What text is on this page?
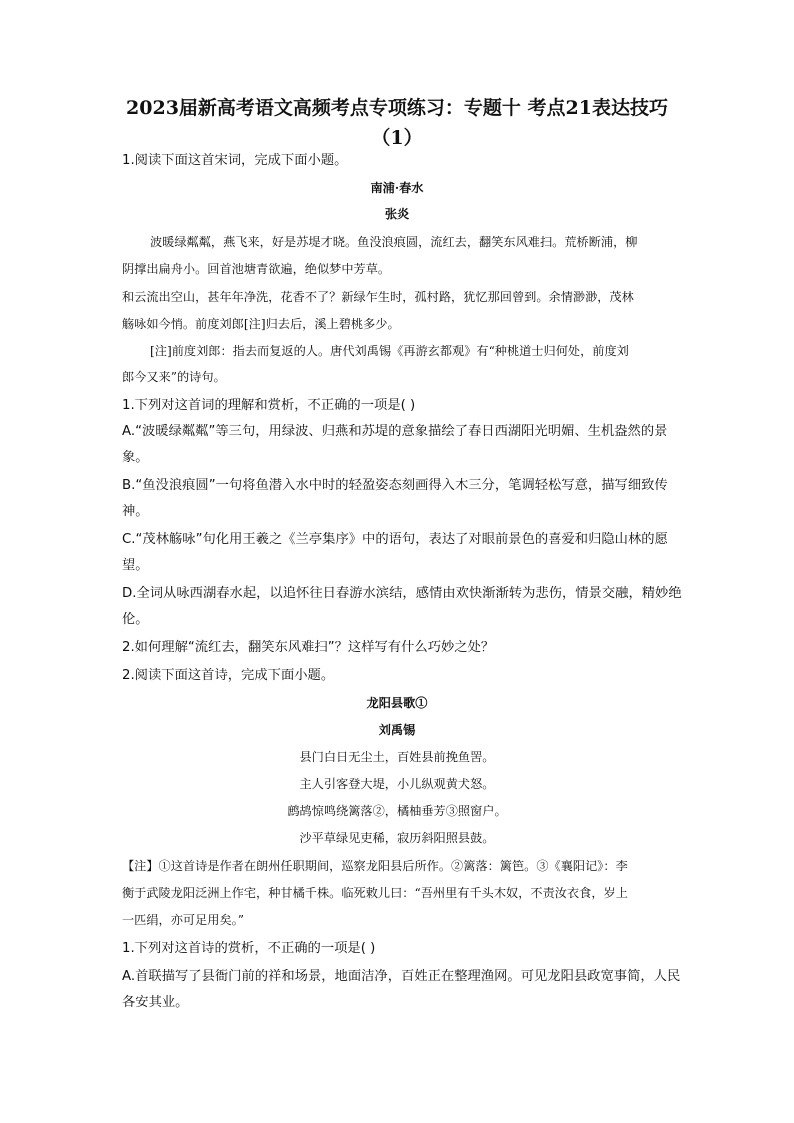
2023届新高考语文高频考点专项练习：专题十 考点21表达技巧
（1）
1.阅读下面这首宋词，完成下面小题。
南浦·春水
张炎
波暖绿粼粼，燕飞来，好是苏堤才晓。鱼没浪痕圆，流红去，翻笑东风难扫。荒桥断浦，柳
阴撑出扁舟小。回首池塘青欲遍，绝似梦中芳草。
和云流出空山，甚年年净洗，花香不了？新绿乍生时，孤村路，犹忆那回曾到。余情渺渺，茂林
觞咏如今悄。前度刘郎[注]归去后，溪上碧桃多少。
[注]前度刘郎：指去而复返的人。唐代刘禹锡《再游玄都观》有“种桃道士归何处，前度刘
郎今又来”的诗句。
1.下列对这首词的理解和赏析，不正确的一项是( )
A.“波暖绿粼粼”等三句，用绿波、归燕和苏堤的意象描绘了春日西湖阳光明媚、生机盎然的景
象。
B.“鱼没浪痕圆”一句将鱼潜入水中时的轻盈姿态刻画得入木三分，笔调轻松写意，描写细致传
神。
C.“茂林觞咏”句化用王羲之《兰亭集序》中的语句，表达了对眼前景色的喜爱和归隐山林的愿
望。
D.全词从咏西湖春水起，以追怀往日春游水滨结，感情由欢快渐渐转为悲伤，情景交融，精妙绝
伦。
2.如何理解“流红去，翻笑东风难扫”？这样写有什么巧妙之处？
2.阅读下面这首诗，完成下面小题。
龙阳县歌①
刘禹锡
县门白日无尘土，百姓县前挽鱼罟。
主人引客登大堤，小儿纵观黄犬怒。
鹧鸪惊鸣绕篱落②，橘柚垂芳③照窗户。
沙平草绿见吏稀，寂历斜阳照县鼓。
【注】①这首诗是作者在朗州任职期间，巡察龙阳县后所作。②篱落：篱笆。③《襄阳记》：李
衡于武陵龙阳泛洲上作宅，种甘橘千株。临死敕儿曰：“吾州里有千头木奴，不责汝衣食，岁上
一匹绢，亦可足用矣。”
1.下列对这首诗的赏析，不正确的一项是( )
A.首联描写了县衙门前的祥和场景，地面洁净，百姓正在整理渔网。可见龙阳县政宽事简，人民
各安其业。
